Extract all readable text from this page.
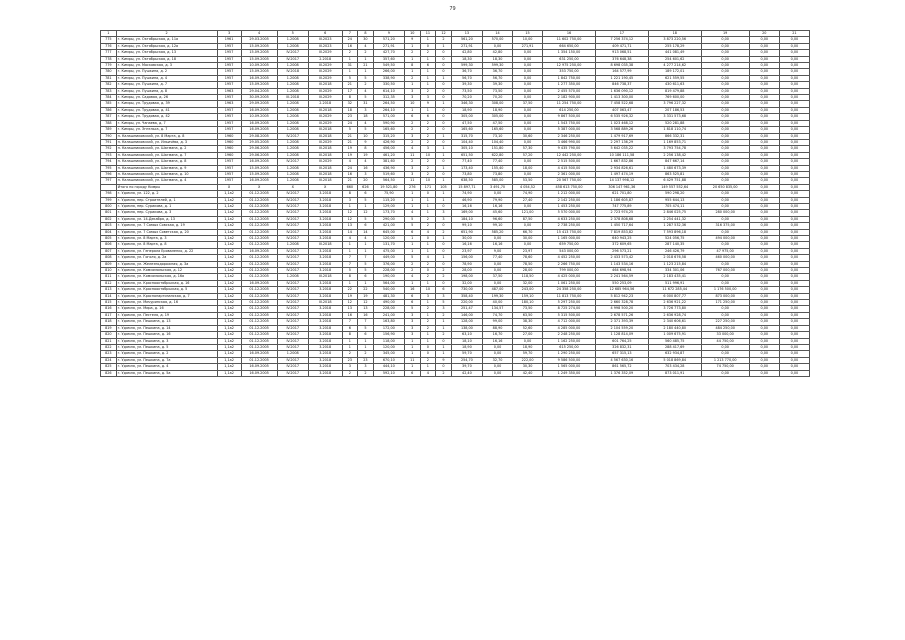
79
1	2	3	4	5	6	7	8	9	10	11	12	13	14	15	16	17	18	19	20	21
775	г. Кимры, ул. Октябрьская, д. 11а	1961	29.03.2005	1.2008	III.2023	24	30	571,20	9	1	2	561,20	570,00	10,00	11 602 750,00	7 256 374,12	3 873 220,56	0,00	0,00	0,00
776	г. Кимры, ул. Октябрьская, д. 12а	1957	15.09.2005	1.2008	III.2023	16	4	271,91	1	0	1	271,91	0,00	271,91	664 650,00	409 471,71	255 178,29	0,00	0,00	0,00
777	г. Кимры, ул. Октябрьская, д. 13	1957	15.09.2005	IV.2017	III.2029	2	2	427,70	2	2	0	42,80	42,80	0,00	1 354 150,00	913 068,51	441 081,49	0,00	0,00	0,00
778	г. Кимры, ул. Октябрьская, д. 18	1957	15.09.2005	IV.2017	2.2018	1	1	357,60	1	1	0	18,30	18,30	0,00	631 250,00	376 648,38	254 601,62	0,00	0,00	0,00
779	г. Кимры, ул. Московская, д. 3	1957	10.09.2005	1.2008	III.2029	31	21	549,50	8	6	0	599,30	599,30	0,00	12 975 250,00	8 698 035,38	4 277 214,62	0,00	0,00	0,00
780	г. Кимры, ул. Пушкина, д. 2	1957	15.09.2005	IV.2018	III.2029	1	1	266,00	1	1	0	36,70	36,70	0,00	353 750,00	164 577,99	189 172,01	0,00	0,00	0,00
781	г. Кимры, ул. Пушкина, д. 4	1957	16.09.2005	1.2008	III.2029	5	5	338,90	2	1	1	56,70	56,70	0,00	1 842 750,00	1 221 190,45	621 559,55	0,00	0,00	0,00
782	г. Кимры, ул. Пушкина, д. 7	1957	15.09.2005	1.2008	III.2018	21	2	330,50	1	1	0	39,30	39,30	0,00	1 277 350,00	846 738,37	430 611,63	0,00	0,00	0,00
783	г. Кимры, ул. Пушкина, д. 8	1963	29.04.2005	1.2008	III.2029	17	4	614,10	3	2	0	73,50	73,50	0,00	2 455 570,00	1 636 090,12	819 479,88	0,00	0,00	0,00
784	г. Кимры, ул. Садовая, д. 26	1957	30.09.2005	III.2018	III.2029	8	5	312,35	3	3	0	70,20	70,20	0,00	2 182 900,00	1 413 300,00	769 600,00	0,00	0,00	0,00
785	г. Кимры, ул. Трудовая, д. 39	1963	29.09.2005	1.2008	2.2018	32	31	264,50	10	9	1	346,30	308,00	37,50	11 254 750,00	7 458 522,68	3 796 227,32	0,00	0,00	0,00
786	г. Кимры, ул. Трудовая, д. 41	1957	16.09.2005	1.2008	III.2018	18	3	264,10	1	1	0	18,90	18,90	0,00	614 250,00	407 063,47	207 186,53	0,00	0,00	0,00
787	г. Кимры, ул. Трудовая, д. 42	1957	10.09.2005	1.2008	III.2029	23	18	571,00	6	6	0	305,00	305,00	0,00	9 867 500,00	6 535 926,32	3 331 573,68	0,00	0,00	0,00
788	г. Кимры, ул. Чапаева, д. 7	1957	16.09.2005	1.2008	III.2029	24	4	590,90	2	2	0	47,50	47,50	0,00	1 543 750,00	1 023 468,12	520 281,88	0,00	0,00	0,00
789	г. Кимры, ул. Энгельса, д. 7	1957	16.09.2005	1.2008	III.2018	5	5	165,60	2	2	0	165,60	165,60	0,00	5 387 000,00	3 568 889,26	1 818 110,74	0,00	0,00	0,00
790	п. Калашниковский, ул. 8 Марта, д. 8	1960	29.08.2005	IV.2017	III.2018	21	10	315,20	3	2	1	315,70	73,10	30,60	2 346 250,00	1 479 917,69	866 332,31	0,00	0,00	0,00
791	п. Калашниковский, ул. Ильичёва, д. 3	1960	29.05.2005	1.2008	III.2029	21	9	426,90	2	2	0	104,40	104,40	0,00	3 466 990,00	2 297 136,29	1 169 853,71	0,00	0,00	0,00
792	п. Калашниковский, ул. Шагмана, д. 2	1960	29.06.2005	1.2008	III.2018	19	8	456,00	4	3	1	305,10	151,80	57,30	9 435 790,00	5 642 035,22	3 793 754,78	0,00	0,00	0,00
793	п. Калашниковский, ул. Шагмана, д. 7	1960	29.06.2005	1.2008	III.2018	19	19	461,20	11	10	1	651,50	622,80	57,20	12 442 250,00	10 186 111,58	2 256 138,42	0,00	0,00	0,00
794	п. Калашниковский, ул. Шагмана, д. 8	1957	16.09.2005	IV.2017	III.2029	4	4	381,60	2	2	0	77,40	77,40	0,00	2 515 500,00	1 667 832,86	847 667,14	0,00	0,00	0,00
795	п. Калашниковский, ул. Шагмана, д. 9	1957	15.09.2005	1.2008	III.2018	24	16	436,90	3	2	1	173,40	155,40	18,00	4 415 500,00	2 934 826,61	1 480 673,39	0,00	0,00	0,00
796	п. Калашниковский, ул. Шагмана, д. 10	1957	15.09.2005	1.2008	III.2018	16	3	519,60	3	2	0	73,80	73,80	0,00	2 361 000,00	1 497 474,19	863 525,81	0,00	0,00	0,00
797	п. Калашниковский, ул. Шагмана, д. 4	1957	16.09.2005	1.2008	III.2018	21	20	564,50	11	10	1	638,50	585,00	53,50	20 567 750,00	14 137 998,12	6 429 751,88	0,00	0,00	0,00
	Итого по городу Кимры	X	X	X	X	660	626	19 521,80	276	171	105	15 897,71	3 491,70	4 054,52	458 613 750,00	306 147 961,36	149 557 552,64	20 650 835,00	0,00	0,00
798	г. Удомля, ул. 122, д. 2	1,1а2	01.12.2005	IV.2017	3.2018	8	6	75,90	1	0	1	74,90	0,00	74,90	1 212 000,00	621 701,80	590 298,20	0,00	0,00	0,00
799	г. Удомля, пер. Строителей, д. 1	1,1а2	01.12.2005	IV.2017	3.2018	3	5	115,20	1	1	1	46,90	79,90	27,40	2 142 250,00	1 186 605,87	955 644,13	0,00	0,00	0,00
800	г. Удомля, пер. Сурикова, д. 1	1,1а2	01.12.2005	IV.2017	3.2018	1	1	129,00	1	1	0	16,16	16,16	0,00	1 453 250,00	747 775,89	705 474,11	0,00	0,00	0,00
801	г. Удомля, пер. Сурикова, д. 3	1,1а2	01.12.2005	IV.2017	3.2018	12	12	173,70	4	1	3	169,00	45,60	121,00	5 570 000,00	2 723 974,25	2 846 025,75	280 000,00	0,00	0,00
802	г. Удомля, ул. 14-Декабря, д. 13	1,1а2	01.12.2005	IV.2017	3.2018	12	5	290,00	5	2	3	184,10	96,60	87,50	4 633 250,00	2 378 808,68	2 254 441,32	0,00	0,00	0,00
803	г. Удомля, ул. 7 Самых Совская, д. 19	1,1а2	01.12.2005	IV.2017	3.2018	13	6	421,00	5	2	0	99,10	99,10	0,00	2 738 250,00	1 450 717,64	1 287 532,36	316 375,00	0,00	0,00
804	г. Удомля, ул. 7 Самых Советская, д. 20	1,1а2	01.12.2005	IV.2017	3.2018	14	14	645,00	6	4	2	651,90	585,20	66,70	15 413 750,00	7 819 853,82	7 593 896,18	0,00	0,00	0,00
805	г. Удомля, ул. 8 Марта, д. 3	1,1а2	01.12.2005	IV.2017	3.2018	4	4	120,00	1	0	1	30,00	0,00	30,00	1 165 000,00	640 943,25	524 056,75	494 000,00	0,00	0,00
806	г. Удомля, ул. 8 Марта, д. 8	1,1а2	01.12.2005	1.2008	III.2018	1	1	131,70	1	1	0	16,16	16,16	0,00	659 750,00	372 609,65	287 140,35	0,00	0,00	0,00
807	г. Удомля, ул. Генерала Ёроваленко, д. 22	1,1а2	16.09.2005	IV.2017	3.2018	1	1	475,00	1	1	0	23,97	9,00	23,97	543 000,00	296 573,21	246 426,79	47 975,00	0,00	0,00
808	г. Удомля, ул. Гоголя, д. 2а	1,1а2	01.12.2005	IV.2017	3.2018	7	7	449,00	5	4	1	156,00	77,40	78,60	4 452 250,00	2 433 573,42	2 018 676,58	460 000,00	0,00	0,00
809	г. Удомля, ул. Железнодорожная, д. 3а	1,1а2	01.12.2005	IV.2017	3.2018	7	5	376,00	2	2	0	78,90	0,00	78,50	2 266 750,00	1 143 534,16	1 123 215,84	0,00	0,00	0,00
810	г. Удомля, ул. Комсомольская, д. 12	1,1а2	01.12.2005	IV.2017	3.2018	5	5	228,00	2	0	2	28,00	0,00	28,00	799 000,00	464 698,94	334 301,06	767 000,00	0,00	0,00
811	г. Удомля, ул. Комсомольская, д. 16а	1,1а2	01.12.2005	1.2008	III.2018	8	6	190,00	4	2	2	198,00	37,50	118,50	4 425 000,00	2 241 564,59	2 183 435,41	0,00	0,00	0,00
812	г. Удомля, ул. Краснооктябрьская, д. 16	1,1а2	16.09.2005	IV.2017	3.2018	1	1	564,00	1	1	0	32,00	0,00	32,00	1 061 250,00	550 253,09	511 996,91	0,00	0,00	0,00
813	г. Удомля, ул. Краснооктябрьская, д. 5	1,1а2	01.12.2005	IV.2017	3.2018	22	22	540,00	16	10	6	730,00	487,00	243,00	24 358 250,00	12 685 964,56	11 672 285,44	1 176 500,00	0,00	0,00
814	г. Удомля, ул. Краснопартизанская, д. 7	1,1а2	01.12.2005	IV.2017	3.2018	19	19	481,30	6	3	3	358,40	199,30	159,10	11 813 750,00	5 812 942,23	6 000 807,77	873 000,00	0,00	0,00
815	г. Удомля, ул. Мичуринская, д. 16	1,1а2	01.12.2005	IV.2017	III.2018	12	12	490,00	6	1	5	220,00	40,00	180,10	5 297 250,00	2 660 328,78	2 636 921,22	171 250,00	0,00	0,00
816	г. Удомля, ул. Мира, д. 16	1,1а2	01.12.2005	IV.2017	3.2018	13	13	228,00	5	2	3	251,47	134,57	73,50	8 725 274,00	4 998 500,20	3 726 773,80	0,00	0,00	0,00
817	г. Удомля, ул. Пестеля, д. 19	1,1а2	01.12.2005	IV.2017	3.2018	16	16	241,00	3	1	2	146,00	74,70	63,50	5 315 500,00	2 678 571,26	2 636 928,74	0,00	0,00	0,00
818	г. Удомля, ул. Пешкина, д. 13	1,1а2	01.12.2005	IV.2017	3.2018	7	7	163,80	3	2	1	128,00	99,00	38,30	4 712 000,00	2 371 393,39	2 340 606,61	227 250,00	0,00	0,00
819	г. Удомля, ул. Пешкина, д. 14	1,1а2	01.12.2005	IV.2017	3.2018	6	5	172,00	3	2	1	138,00	88,90	52,60	4 285 000,00	2 104 559,20	2 180 440,80	484 250,00	0,00	0,00
820	г. Удомля, ул. Пешкина, д. 16	1,1а2	01.12.2005	IV.2017	3.2018	8	6	156,90	3	1	2	63,10	16,70	27,00	2 248 250,00	1 128 814,09	1 009 675,91	33 000,00	0,00	0,00
821	г. Удомля, ул. Пешкина, д. 3	1,1а2	01.12.2005	IV.2017	3.2018	1	1	118,00	1	1	0	18,10	16,16	0,00	1 162 250,00	601 764,25	560 485,75	44 750,00	0,00	0,00
822	г. Удомля, ул. Пешкина, д. 5	1,1а2	01.12.2005	IV.2017	3.2018	1	1	120,00	1	0	1	18,90	0,00	18,90	615 250,00	326 832,31	288 417,69	0,00	0,00	0,00
823	г. Удомля, ул. Пешкина, д. 2	1,1а2	16.09.2005	1.2008	3.2018	2	2	345,00	1	0	1	59,70	0,00	59,70	1 290 250,00	657 315,13	632 934,87	0,00	0,00	0,00
824	г. Удомля, ул. Пешкина, д. 7а	1,1а2	01.12.2005	IV.2017	3.2018	23	23	670,10	11	2	9	254,70	32,70	222,00	9 586 500,00	4 567 630,16	5 018 869,84	1 213 770,00	0,00	0,00
825	г. Удомля, ул. Пешкина, д. 4	1,1а2	16.09.2005	IV.2017	3.2018	3	3	444,10	1	1	0	39,70	0,00	30,30	1 565 000,00	861 565,72	703 434,28	74 750,00	0,00	0,00
826	г. Удомля, ул. Пешкина, д. 5а	1,1а2	16.09.2005	IV.2017	3.2018	2	2	592,10	6	4	2	42,40	0,00	42,40	1 249 350,00	1 376 352,09	873 011,91	0,00	0,00	0,00
